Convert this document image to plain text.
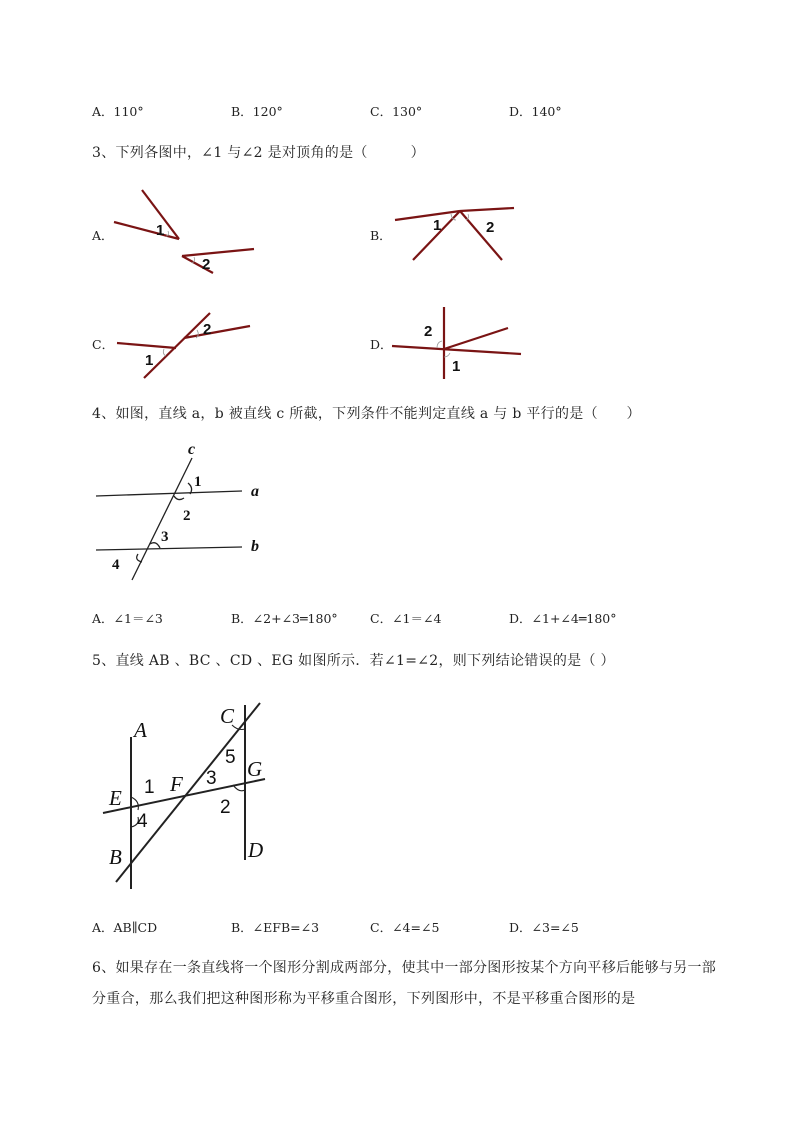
A．110°	B．120°	C．130°	D．140°
3、下列各图中，∠1 与∠2 是对顶角的是（　　　）
A．	B．
C．	D．
1
2
1	2
2
1
2
1
4、如图，直线 a，b 被直线 c 所截，下列条件不能判定直线 a 与 b 平行的是（　　）
c
a
b
1
2
3
4
A．∠1＝∠3	B．∠2+∠3═180°	C．∠1＝∠4	D．∠1+∠4═180°
5、直线 AB 、BC 、CD 、EG 如图所示．若∠1=∠2，则下列结论错误的是（ ）
A
C
G
E
F
D
B
1
2
3
4
5
A．AB∥CD	B．∠EFB=∠3	C．∠4=∠5	D．∠3=∠5
6、如果存在一条直线将一个图形分割成两部分，使其中一部分图形按某个方向平移后能够与另一部
分重合，那么我们把这种图形称为平移重合图形，下列图形中，不是平移重合图形的是
